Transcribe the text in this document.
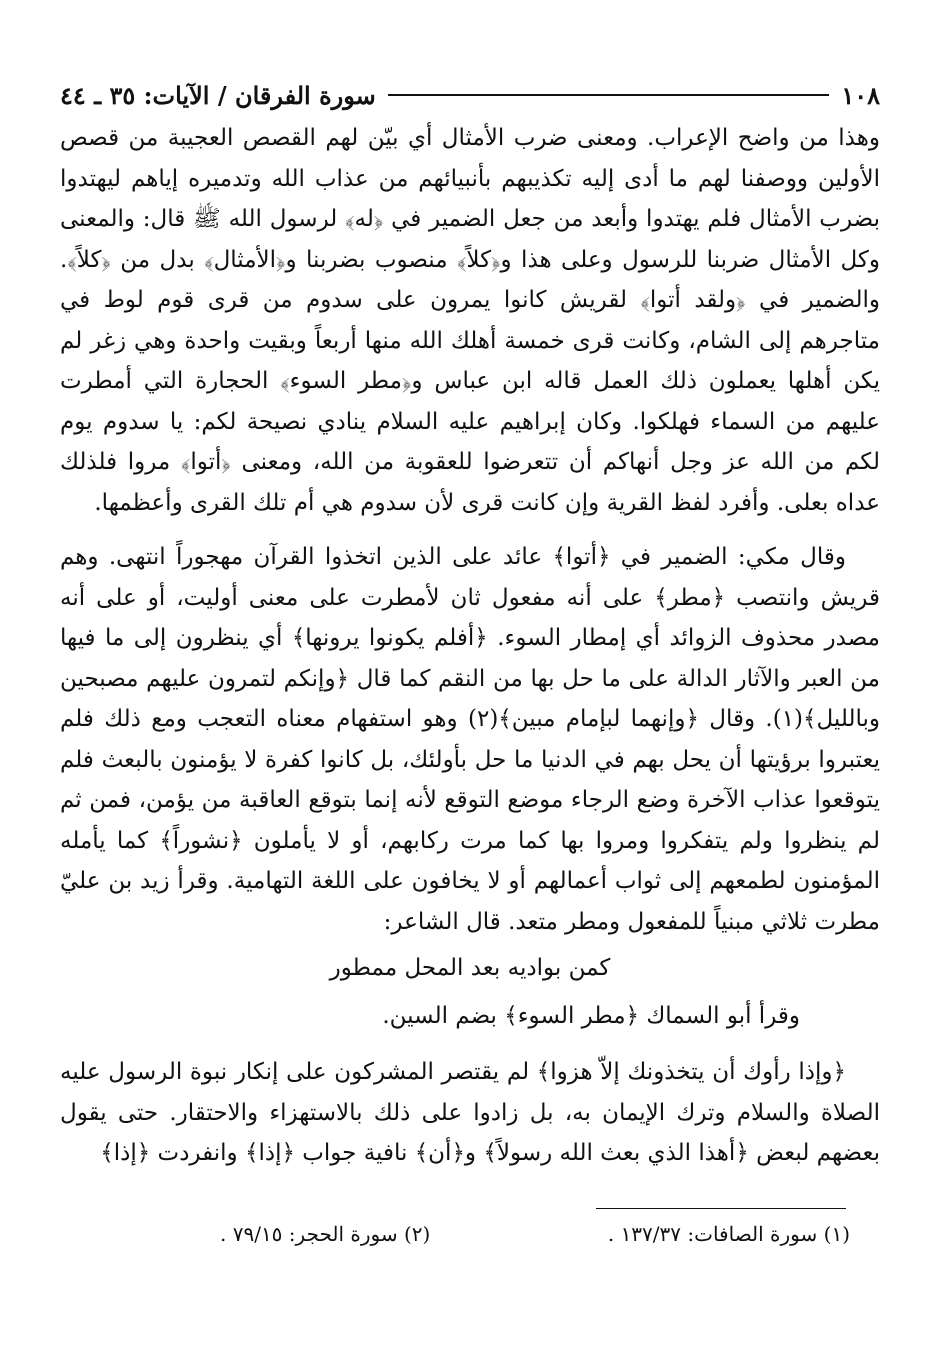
١٠٨
سورة الفرقان / الآيات: ٣٥ ـ ٤٤

وهذا من واضح الإعراب. ومعنى ضرب الأمثال أي بيّن لهم القصص العجيبة من قصص الأولين ووصفنا لهم ما أدى إليه تكذيبهم بأنبيائهم من عذاب الله وتدميره إياهم ليهتدوا بضرب الأمثال فلم يهتدوا وأبعد من جعل الضمير في ﴿له﴾ لرسول الله ﷺ قال: والمعنى وكل الأمثال ضربنا للرسول وعلى هذا و﴿كلاً﴾ منصوب بضربنا و﴿الأمثال﴾ بدل من ﴿كلاً﴾. والضمير في ﴿ولقد أتوا﴾ لقريش كانوا يمرون على سدوم من قرى قوم لوط في متاجرهم إلى الشام، وكانت قرى خمسة أهلك الله منها أربعاً وبقيت واحدة وهي زغر لم يكن أهلها يعملون ذلك العمل قاله ابن عباس و﴿مطر السوء﴾ الحجارة التي أمطرت عليهم من السماء فهلكوا. وكان إبراهيم عليه السلام ينادي نصيحة لكم: يا سدوم يوم لكم من الله عز وجل أنهاكم أن تتعرضوا للعقوبة من الله، ومعنى ﴿أتوا﴾ مروا فلذلك عداه بعلى. وأفرد لفظ القرية وإن كانت قرى لأن سدوم هي أم تلك القرى وأعظمها.

وقال مكي: الضمير في ﴿أتوا﴾ عائد على الذين اتخذوا القرآن مهجوراً انتهى. وهم قريش وانتصب ﴿مطر﴾ على أنه مفعول ثان لأمطرت على معنى أوليت، أو على أنه مصدر محذوف الزوائد أي إمطار السوء. ﴿أفلم يكونوا يرونها﴾ أي ينظرون إلى ما فيها من العبر والآثار الدالة على ما حل بها من النقم كما قال ﴿وإنكم لتمرون عليهم مصبحين وبالليل﴾(١). وقال ﴿وإنهما لبإمام مبين﴾(٢) وهو استفهام معناه التعجب ومع ذلك فلم يعتبروا برؤيتها أن يحل بهم في الدنيا ما حل بأولئك، بل كانوا كفرة لا يؤمنون بالبعث فلم يتوقعوا عذاب الآخرة وضع الرجاء موضع التوقع لأنه إنما بتوقع العاقبة من يؤمن، فمن ثم لم ينظروا ولم يتفكروا ومروا بها كما مرت ركابهم، أو لا يأملون ﴿نشوراً﴾ كما يأمله المؤمنون لطمعهم إلى ثواب أعمالهم أو لا يخافون على اللغة التهامية. وقرأ زيد بن عليّ مطرت ثلاثي مبنياً للمفعول ومطر متعد. قال الشاعر:

كمن بواديه بعد المحل ممطور
وقرأ أبو السماك ﴿مطر السوء﴾ بضم السين.

﴿وإذا رأوك أن يتخذونك إلاّ هزوا﴾ لم يقتصر المشركون على إنكار نبوة الرسول عليه الصلاة والسلام وترك الإيمان به، بل زادوا على ذلك بالاستهزاء والاحتقار. حتى يقول بعضهم لبعض ﴿أهذا الذي بعث الله رسولاً﴾ و﴿أن﴾ نافية جواب ﴿إذا﴾ وانفردت ﴿إذا﴾

(١) سورة الصافات: ١٣٧/٣٧ .
(٢) سورة الحجر: ٧٩/١٥ .
